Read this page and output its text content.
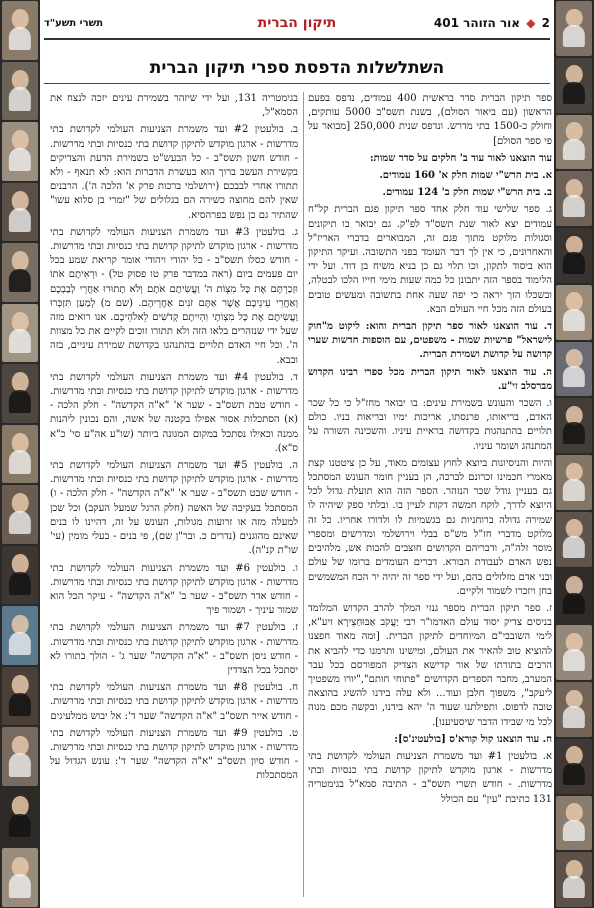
2 ◆ אור הזוהר 401
תיקון הברית
תשרי תשע"ד
השתלשלות הדפסת ספרי תיקון הברית

ספר תיקון הברית סדר בראשית 400 עמודים, נדפס בפעם הראשון (עם ביאור הסולם), בשנת תשס"ב 5000 עותקים, וחולק כ-1500 בתי מדרש. ונדפס שנית 250,000 [מבואר על פי ספר הסולם]

עוד הוצאנו לאור עוד ב' חלקים על סדר שמות:

א. בית הרש"י שמות חלק א' 160 עמודים.

ב. בית הרש"י שמות חלק ב' 124 עמודים.

ג. ספר שלישי עוד חלק אחד ספר תיקון פגם הברית קל"ח עמודים יצא לאור שנת תשס"ד לפ"ק. גם יבואר בו תיקונים וסגולות מלוקט מתוך פגם זה, המבוארים בדברי האריז"ל והאחרונים, כי אין לך דבר העומד בפני התשובה. ועיקר התיקון הוא ביסוד לתקון, וכו תלוי גם כן בניא משיח בן דוד. ועל ידי הלימוד בספר הזה יתבונן כל כמה שעות מימי חייו הלכו לבטלה, ובשכלו הזך יראה כי יפה שעה אחת בתשובה ומעשים טובים בעולם הזה מכל חיי העולם הבא.

ד. עוד הוצאנו לאור ספר תיקון הברית והוא: ליקוט מ"חוק לישראל" פרשיות שמות - משפטים, עם הוספות חדשות שערי קדושה על קדושת ושמירת הברית.

ה. עוד הוצאנו לאור תיקון הברית מכל ספרי רבינו הקדוש מברסלב זי"ע.

ו. השכר והעונש בשמירת עינים: בו יבואר מחז"ל כי כל שכר האדם, בריאותו, פרנסתו, אריכות ימיו ובריאות בניו. כולם תלויים בהתנהגות בקדושה בראיית עיניו. והשכינה השורה על המתנהג ושומר עיניו.

והיות והניסיונות ביוצא לחוץ עצומים מאוד, על כן ציטטנו קצת מאמרי חכמינו זכרונם לברכה, הן בעניין חומר העונש המסתכל גם בעניין גודל שכר הנזהר. הספר הזה הוא תועלת גדול לכל היוצא לדרך, לוקח חמשה דקות לעיין בו. ובלתי ספק שיהיה לו שמירה גדולה ברוחניות גם בגשמיות לו ולדורו אחריו. כל זה מלוקט מדברי חז"ל מש"ס בבלי וירושלמי ומדרשים ומספרי מוסר זלה"ה, ודבריהם הקדושים חוצבים להבות אש, מלהיבים נפש האדם לעבודת הבורא. דברים העומדים ברומו של עולם ובני אדם מזלזלים בהם, ועל ידי ספר זה יהיה יר הכח המשמשים בחן ויזכרו לשמור ולקיים.

ז. ספר תיקון הברית מספר גנזי המלך להרב הקדוש המלומד בניסים צדיק יסוד עולם האדמו"ר רבי יַעֲקֹב אַבּוּחַצֵירָא זיע"א, לימי השובבי"ם המיוחדים לתיקון הברית. [ומה מאוד חפצנו להוציא טוב להאיר את העולם, ומישינו ותרמנו כדי להביא את הרבים בתורתו של אור קדישא הצדיק המפורסם בכל עבר המערב, מחבר הספרים הקדושים "פתוחי חותם","יורו משפטיך ליעקב", משפוך חלבן ועוד... ולא עלה בידנו להשיג בהוצאה טובה לדפוס. ותפילתנו שעוד ה' יהא בידנו, ובקשה מכם מנוה לכל מי שבידו הדבר שיסעיענו].

ח. עוד הוצאנו קול קורא'ס [בולעטינ'ס]:

א. בולעטין #1 ועד משמרת הצניעות העולמי לקדושת בתי מדרשות - ארגון מוקדש לתיקון קדושת בתי כנסיות ובתי מדרשות. - חודש תשרי תשס"ב - התיבה סמא"ל בגימטריה 131 כתיבת "עין" עם הכולל

בגימטריה 131, ועל ידי שיזהר בשמירת עינים יזכה לנצח את הסמא"ל,

ב. בולעטין #2 ועד משמרת הצניעות העולמי לקדושת בתי מדרשות - ארגון מוקדש לתיקון קדושת בתי כנסיות ובתי מדרשות. - חודש חשון תשס"ב - כל הבעש"ט בשמירת הדעת והצדיקים בקשירת העשב ברוך הוא בעשרת הדברות הוא: לא תנאף - ולא תתורו אחרי לבבכם (ירושלמי ברכות פרק א' הלכה ה'). הרבנים שאין להם מחוצה כשירה הם בגלולים של "זמרי בן סלוא עשו" שהתיר גם כן נפש בפרהסיא.

ג. בולעטין #3 ועד משמרת הצניעות העולמי לקדושת בתי מדרשות - ארגון מוקדש לתיקון קדושת בתי כנסיות ובתי מדרשות. - חודש כסלו תשס"ב - כל יהודי ויהודי אומר קריאת שמע בכל יום פעמים ביום (ראה במדבר פרק טו פסוק טל) - וּרְאִיתֶם אֹתוֹ וּזְכַרְתֶּם אֶת כָּל מִצְוֹת ה' וַעֲשִׂיתֶם אֹתָם וְלֹא תָתוּרוּ אַחֲרֵי לְבַבְכֶם וְאַחֲרֵי עֵינֵיכֶם אֲשֶׁר אַתֶּם זֹנִים אַחֲרֵיהֶם. (שם מ) לְמַעַן תִּזְכְּרוּ וַעֲשִׂיתֶם אֶת כָּל מִצְוֹתָי וִהְיִיתֶם קְדֹשִׁים לֵאלֹהֵיכֶם. אנו רואים מזה שעל ידי שנזהרים בלאו הזה ולא תתורו זוכים לקיים את כל מצוות ה'. וכל חיי האדם תלויים בהתנהגו בקדושת שמירת עיניים, בזה ובבא.

ד. בולעטין #4 ועד משמרת הצניעות העולמי לקדושת בתי מדרשות - ארגון מוקדש לתיקון קדושת בתי כנסיות ובתי מדרשות. - חודש טבת תשס"ב - שער א' "א"ה הקדשה" - חלק הלכה - (א) הסתכלות אסור אפילו בקטנה של אשה, והם נכונין ליהנות ממנה וכאילו נסתכל במקום המגונה ביותר (שו"ע אה"ע סי' כ"א ס"א).

ה. בולעטין #5 ועד משמרת הצניעות העולמי לקדושת בתי מדרשות - ארגון מוקדש לתיקון קדושת בתי כנסיות ובתי מדרשות. - חודש שבט תשס"ב - שער א' "א"ה הקדשה" - חלק הלכה - ו) המסתכל בעקיבה של האשה (חלק הרגל שמעל העקב) וכל שכן למעלה מזה או זרועות מגולות, העונש על זה, דהיינו לו בנים שאינם מהוגנים (נדרים כ. ובר"ן שם), פי בנים - בעלי מומין (עי' שו"ת קנ"ה).

ו. בולעטין #6 ועד משמרת הצניעות העולמי לקדושת בתי מדרשות - ארגון מוקדש לתיקון קדושת בתי כנסיות ובתי מדרשות. - חודש אדר תשס"ב - שער ב' "א"ה הקדשה" - עיקר הכל הוא שמור עיניך - ושמור פיך

ז. בולעטין #7 ועד משמרת הצניעות העולמי לקדושת בתי מדרשות - ארגון מוקדש לתיקון קדושת בתי כנסיות ובתי מדרשות. - חודש ניסן תשס"ב - "א"ה הקדשה" שער ג' - הולך בתורו לא יסתכל בכל הצדדין

ח. בולעטין #8 ועד משמרת הצניעות העולמי לקדושת בתי מדרשות - ארגון מוקדש לתיקון קדושת בתי כנסיות ובתי מדרשות. - חודש אייר תשס"ב "א"ה הקדשה" שער ד': אל יבוש ממלעיגים

ט. בולעטין #9 ועד משמרת הצניעות העולמי לקדושת בתי מדרשות - ארגון מוקדש לתיקון קדושת בתי כנסיות ובתי מדרשות. - חודש סיון תשס"ב "א"ה הקדשה" שער ד': עונש הגדול על המסתכלות
